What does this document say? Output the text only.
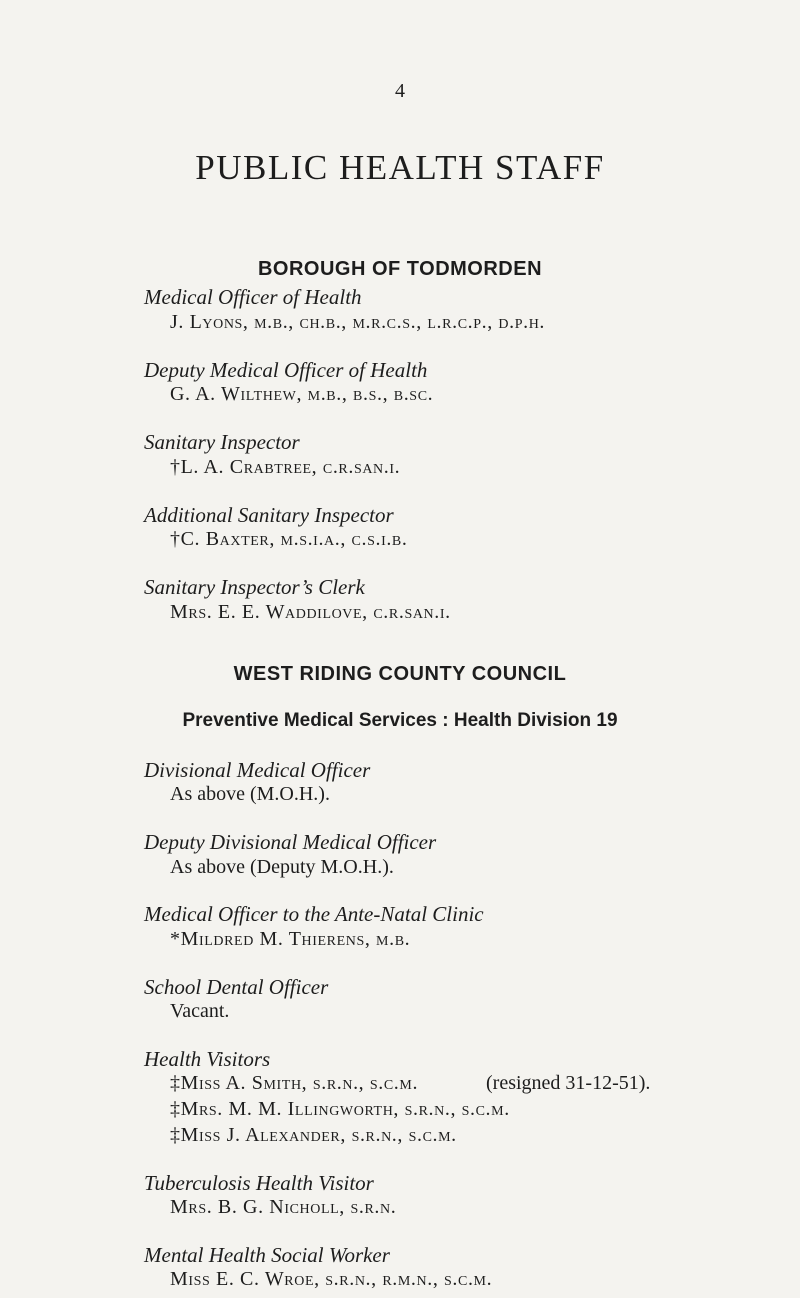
4
PUBLIC HEALTH STAFF
BOROUGH OF TODMORDEN
Medical Officer of Health
J. Lyons, m.b., ch.b., m.r.c.s., l.r.c.p., d.p.h.
Deputy Medical Officer of Health
G. A. Wilthew, m.b., b.s., b.sc.
Sanitary Inspector
†L. A. Crabtree, c.r.san.i.
Additional Sanitary Inspector
†C. Baxter, m.s.i.a., c.s.i.b.
Sanitary Inspector’s Clerk
Mrs. E. E. Waddilove, c.r.san.i.
WEST RIDING COUNTY COUNCIL
Preventive Medical Services : Health Division 19
Divisional Medical Officer
As above (M.O.H.).
Deputy Divisional Medical Officer
As above (Deputy M.O.H.).
Medical Officer to the Ante-Natal Clinic
*Mildred M. Thierens, m.b.
School Dental Officer
Vacant.
Health Visitors
‡Miss A. Smith, s.r.n., s.c.m.	(resigned 31-12-51).
‡Mrs. M. M. Illingworth, s.r.n., s.c.m.
‡Miss J. Alexander, s.r.n., s.c.m.
Tuberculosis Health Visitor
Mrs. B. G. Nicholl, s.r.n.
Mental Health Social Worker
Miss E. C. Wroe, s.r.n., r.m.n., s.c.m.
